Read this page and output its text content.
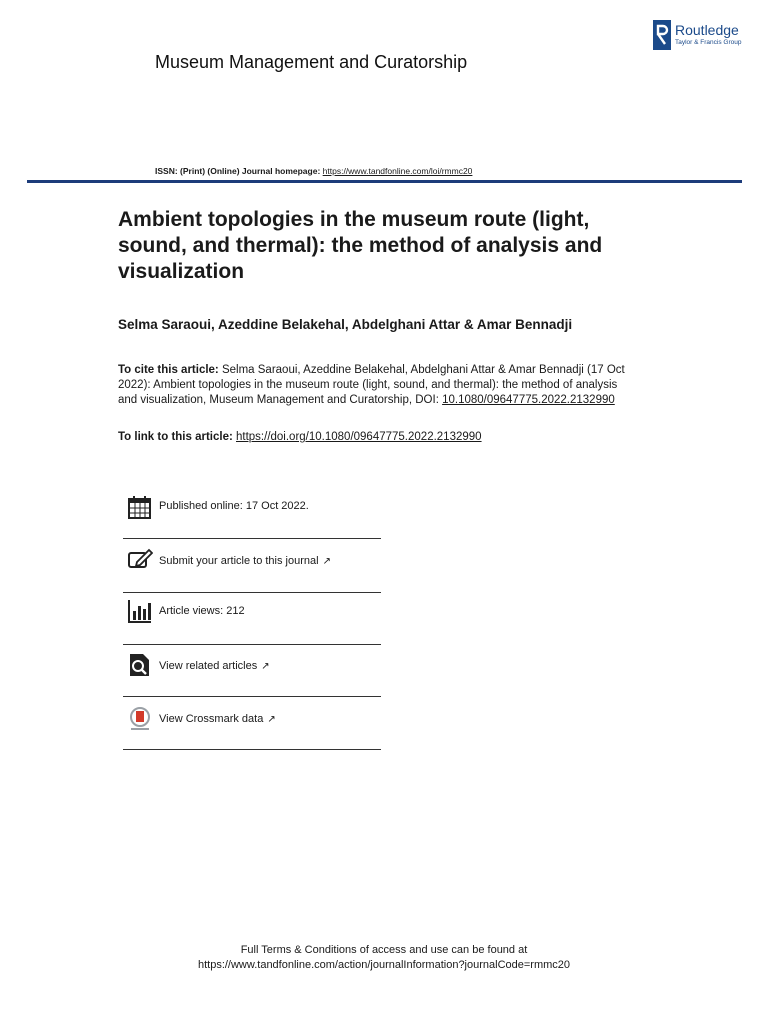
Museum Management and Curatorship
Routledge
Taylor & Francis Group
ISSN: (Print) (Online) Journal homepage: https://www.tandfonline.com/loi/rmmc20
Ambient topologies in the museum route (light, sound, and thermal): the method of analysis and visualization
Selma Saraoui, Azeddine Belakehal, Abdelghani Attar & Amar Bennadji
To cite this article: Selma Saraoui, Azeddine Belakehal, Abdelghani Attar & Amar Bennadji (17 Oct 2022): Ambient topologies in the museum route (light, sound, and thermal): the method of analysis and visualization, Museum Management and Curatorship, DOI: 10.1080/09647775.2022.2132990
To link to this article: https://doi.org/10.1080/09647775.2022.2132990
Published online: 17 Oct 2022.
Submit your article to this journal ↗
Article views: 212
View related articles ↗
View Crossmark data ↗
Full Terms & Conditions of access and use can be found at
https://www.tandfonline.com/action/journalInformation?journalCode=rmmc20
